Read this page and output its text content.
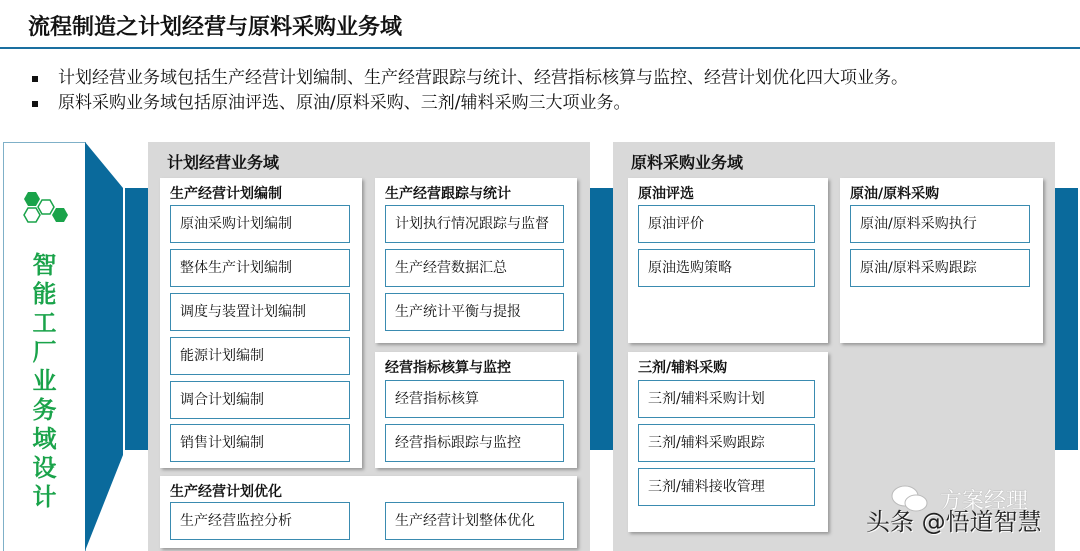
流程制造之计划经营与原料采购业务域
计划经营业务域包括生产经营计划编制、生产经营跟踪与统计、经营指标核算与监控、经营计划优化四大项业务。
原料采购业务域包括原油评选、原油/原料采购、三剂/辅料采购三大项业务。
智能工厂业务域设计
计划经营业务域	原料采购业务域
生产经营计划编制
原油采购计划编制
整体生产计划编制
调度与装置计划编制
能源计划编制
调合计划编制
销售计划编制
生产经营跟踪与统计
计划执行情况跟踪与监督
生产经营数据汇总
生产统计平衡与提报
经营指标核算与监控
经营指标核算
经营指标跟踪与监控
生产经营计划优化
生产经营监控分析	生产经营计划整体优化
原油评选
原油评价
原油选购策略
原油/原料采购
原油/原料采购执行
原油/原料采购跟踪
三剂/辅料采购
三剂/辅料采购计划
三剂/辅料采购跟踪
三剂/辅料接收管理
方案经理
头条 @悟道智慧
